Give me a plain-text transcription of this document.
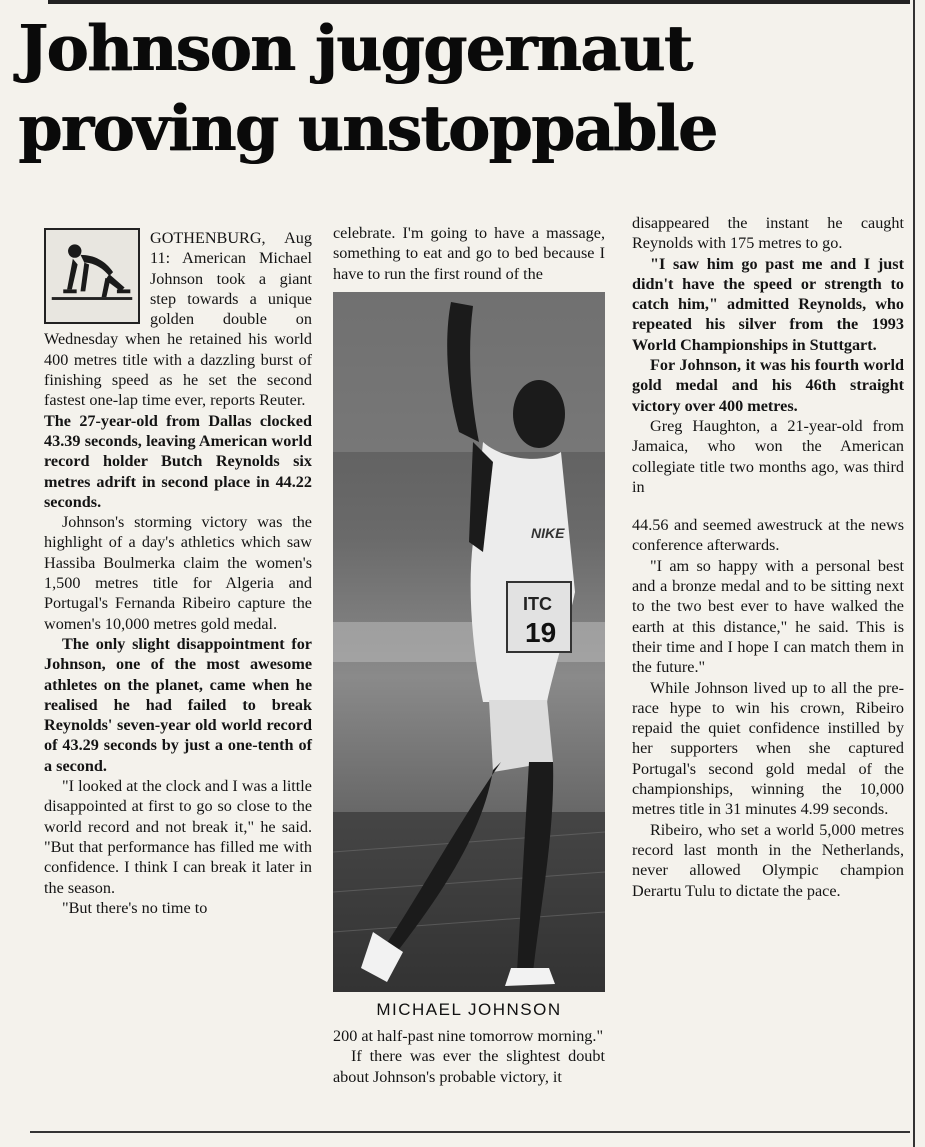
Johnson juggernaut
proving unstoppable

GOTHENBURG, Aug 11: American Michael Johnson took a giant step towards a unique golden double on Wednesday when he retained his world 400 metres title with a dazzling burst of finishing speed as he set the second fastest one-lap time ever, reports Reuter.

The 27-year-old from Dallas clocked 43.39 seconds, leaving American world record holder Butch Reynolds six metres adrift in second place in 44.22 seconds.

Johnson's storming victory was the highlight of a day's athletics which saw Hassiba Boulmerka claim the women's 1,500 metres title for Algeria and Portugal's Fernanda Ribeiro capture the women's 10,000 metres gold medal.

The only slight disappointment for Johnson, one of the most awesome athletes on the planet, came when he realised he had failed to break Reynolds' seven-year old world record of 43.29 seconds by just a one-tenth of a second.

"I looked at the clock and I was a little disappointed at first to go so close to the world record and not break it," he said. "But that performance has filled me with confidence. I think I can break it later in the season.

"But there's no time to

celebrate. I'm going to have a massage, something to eat and go to bed because I have to run the first round of the

ITC
19
NIKE
MICHAEL JOHNSON

200 at half-past nine tomorrow morning."

If there was ever the slightest doubt about Johnson's probable victory, it

disappeared the instant he caught Reynolds with 175 metres to go.

"I saw him go past me and I just didn't have the speed or strength to catch him," admitted Reynolds, who repeated his silver from the 1993 World Championships in Stuttgart.

For Johnson, it was his fourth world gold medal and his 46th straight victory over 400 metres.

Greg Haughton, a 21-year-old from Jamaica, who won the American collegiate title two months ago, was third in

44.56 and seemed awestruck at the news conference afterwards.

"I am so happy with a personal best and a bronze medal and to be sitting next to the two best ever to have walked the earth at this distance," he said. This is their time and I hope I can match them in the future."

While Johnson lived up to all the pre-race hype to win his crown, Ribeiro repaid the quiet confidence instilled by her supporters when she captured Portugal's second gold medal of the championships, winning the 10,000 metres title in 31 minutes 4.99 seconds.

Ribeiro, who set a world 5,000 metres record last month in the Netherlands, never allowed Olympic champion Derartu Tulu to dictate the pace.
